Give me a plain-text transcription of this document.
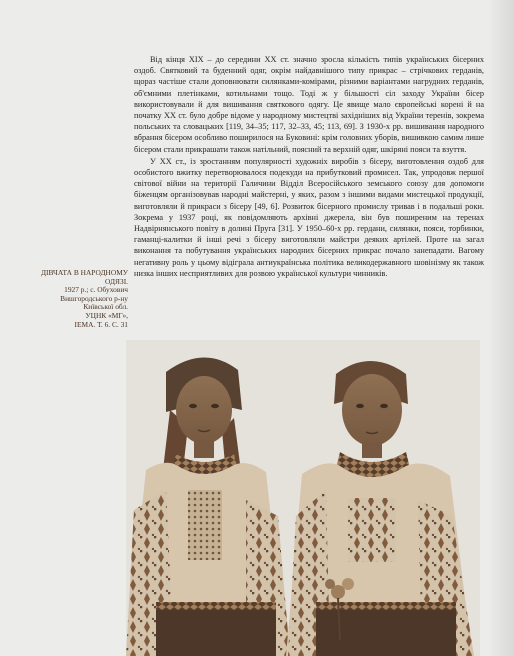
Від кінця XIX – до середини XX ст. значно зросла кількість типів українських бісерних оздоб. Святковий та буденний одяг, окрім найдавнішого типу прикрас – стрічкових герданів, щораз частіше стали доповнювати силянками-комірами, різними варіантами нагрудних герданів, об'ємними плетінками, котильнами тощо. Тоді ж у більшості сіл заходу України бісер використовували й для вишивання святкового одягу. Це явище мало європейські корені й на початку XX ст. було добре відоме у народному мистецтві західніших від України теренів, зокрема польських та словацьких [119, 34–35; 117, 32–33, 45; 113, 69]. З 1930-х рр. вишивання народного вбрання бісером особливо поширилося на Буковині: крім головних уборів, вишивкою самим лише бісером стали прикрашати також натільний, поясний та верхній одяг, шкіряні пояси та взуття.

У XX ст., із зростанням популярності художніх виробів з бісеру, виготовлення оздоб для особистого вжитку перетворювалося подекуди на прибутковий промисел. Так, упродовж першої світової війни на території Галичини Відділ Всеросійського земського союзу для допомоги біженцям організовував народні майстерні, у яких, разом з іншими видами мистецької продукції, виготовляли й прикраси з бісеру [49, 6]. Розвиток бісерного промислу тривав і в подальші роки. Зокрема у 1937 році, як повідомляють архівні джерела, він був поширеним на теренах Надвірнянського повіту в долині Пруга [31]. У 1950–60-х рр. гердани, силянки, пояси, торбинки, гаманці-калитки й інші речі з бісеру виготовляли майстри деяких артілей. Проте на загал виконання та побутування українських народних бісерних прикрас почало занепадати. Вагому негативну роль у цьому відіграла антиукраїнська політика великодержавного шовінізму як також низка інших несприятливих для розвою української культури чинників.

ДІВЧАТА В НАРОДНОМУ ОДЯЗІ.
1927 р.; с. Обухович
Вишгородського р-ну
Київської обл.
УЦНК «МГ»,
ІЕМА. Т. 6. С. 31
